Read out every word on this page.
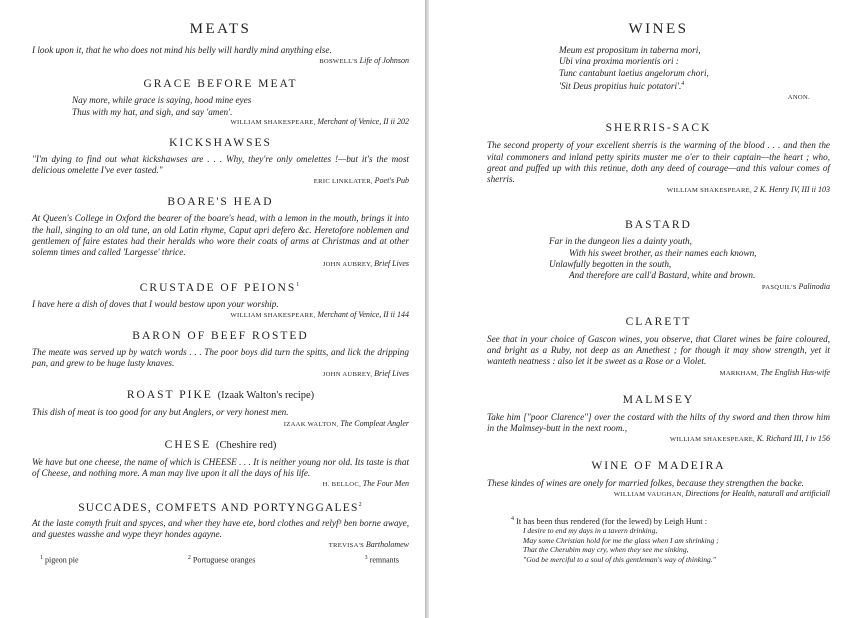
MEATS

I look upon it, that he who does not mind his belly will hardly mind anything else.

BOSWELL'S Life of Johnson
GRACE BEFORE MEAT
Nay more, while grace is saying, hood mine eyes
Thus with my hat, and sigh, and say 'amen'.
WILLIAM SHAKESPEARE, Merchant of Venice, II ii 202
KICKSHAWSES

"I'm dying to find out what kickshawses are . . . Why, they're only omelettes !—but it's the most delicious omelette I've ever tasted."

ERIC LINKLATER, Poet's Pub
BOARE'S HEAD

At Queen's College in Oxford the bearer of the boare's head, with a lemon in the mouth, brings it into the hall, singing to an old tune, an old Latin rhyme, Caput apri defero &c. Heretofore noblemen and gentlemen of faire estates had their heralds who wore their coats of arms at Christmas and at other solemn times and called 'Largesse' thrice.

JOHN AUBREY, Brief Lives
CRUSTADE OF PEIONS$^1$

I have here a dish of doves that I would bestow upon your worship.

WILLIAM SHAKESPEARE, Merchant of Venice, II ii 144
BARON OF BEEF ROSTED

The meate was served up by watch words . . . The poor boys did turn the spitts, and lick the dripping pan, and grew to be huge lusty knaves.

JOHN AUBREY, Brief Lives
ROAST PIKE (Izaak Walton's recipe)

This dish of meat is too good for any but Anglers, or very honest men.

IZAAK WALTON, The Compleat Angler
CHESE (Cheshire red)

We have but one cheese, the name of which is CHEESE . . . It is neither young nor old. Its taste is that of Cheese, and nothing more. A man may live upon it all the days of his life.

H. BELLOC, The Four Men
SUCCADES, COMFETS AND PORTYNGGALES$^2$

At the laste comyth fruit and spyces, and wher they have ete, bord clothes and relyf³ ben borne awaye, and guestes wasshe and wype theyr hondes agayne.

TREVISA'S Bartholomew
$^1$ pigeon pie	$^2$ Portuguese oranges	$^3$ remnants
WINES
Meum est propositum in taberna mori,
Ubi vina proxima morientis ori :
Tunc cantabunt laetius angelorum chori,
'Sit Deus propitius huic potatori'.$^4$
ANON.
SHERRIS-SACK

The second property of your excellent sherris is the warming of the blood . . . and then the vital commoners and inland petty spirits muster me o'er to their captain—the heart ; who, great and puffed up with this retinue, doth any deed of courage—and this valour comes of sherris.

WILLIAM SHAKESPEARE, 2 K. Henry IV, III ii 103
BASTARD
Far in the dungeon lies a dainty youth,
With his sweet brother, as their names each known,
Unlawfully begotten in the south,
And therefore are call'd Bastard, white and brown.
PASQUIL'S Palinodia
CLARETT

See that in your choice of Gascon wines, you observe, that Claret wines be faire coloured, and bright as a Ruby, not deep as an Amethest ; for though it may show strength, yet it wanteth neatness : also let it be sweet as a Rose or a Violet.

MARKHAM, The English Hus-wife
MALMSEY

Take him ["poor Clarence"] over the costard with the hilts of thy sword and then throw him in the Malmsey-butt in the next room.,

WILLIAM SHAKESPEARE, K. Richard III, I iv 156
WINE OF MADEIRA

These kindes of wines are onely for married folkes, because they strengthen the backe.

WILLIAM VAUGHAN, Directions for Health, naturall and artificiall
$^4$ It has been thus rendered (for the lewed) by Leigh Hunt :
I desire to end my days in a tavern drinking,
May some Christian hold for me the glass when I am shrinking ;
That the Cherubim may cry, when they see me sinking,
"God be merciful to a soul of this gentleman's way of thinking."
